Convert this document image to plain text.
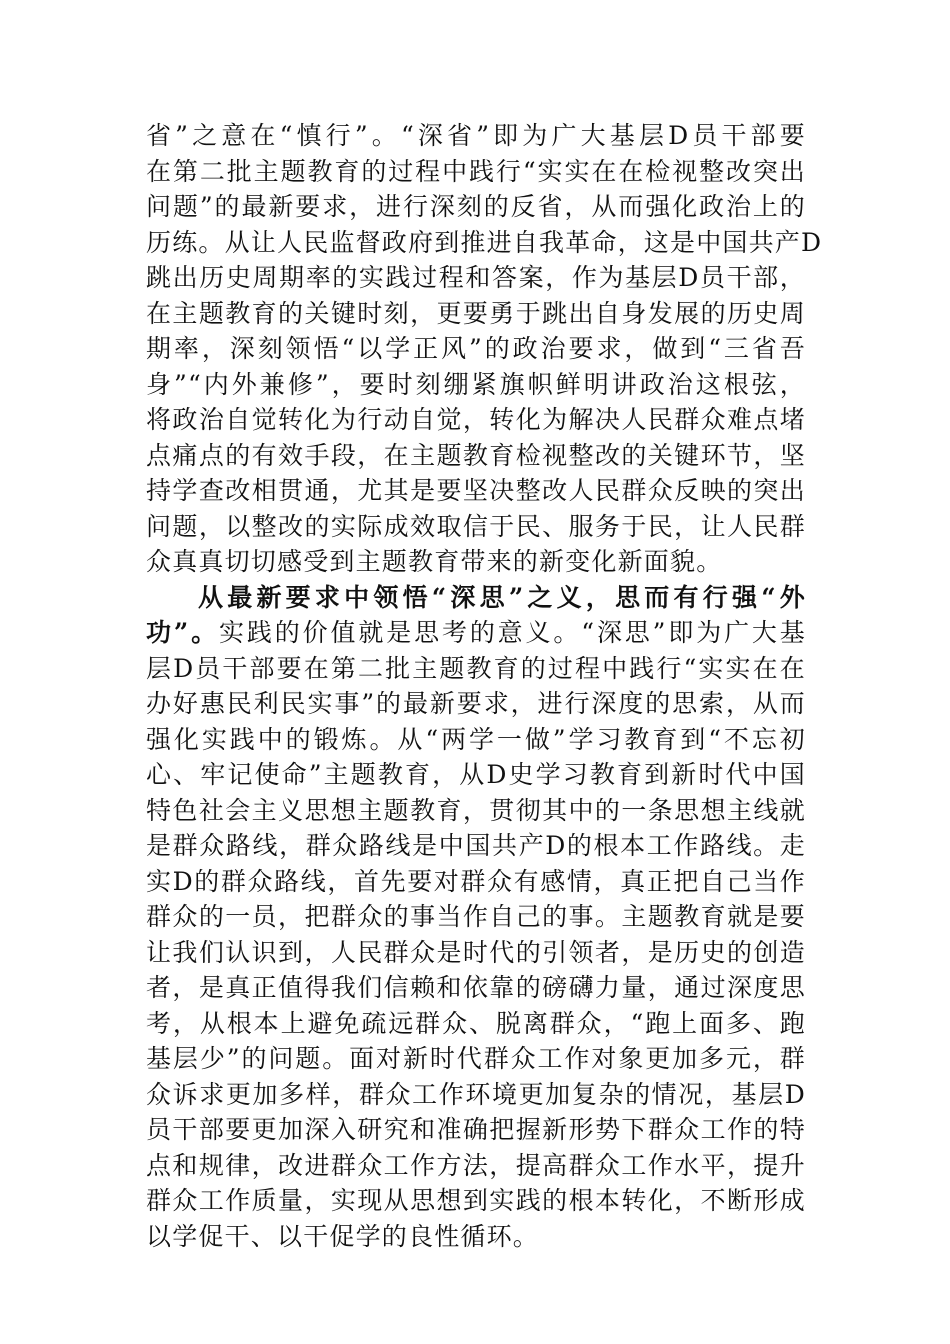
省”之意在“慎行”。“深省”即为广大基层D员干部要
在第二批主题教育的过程中践行“实实在在检视整改突出
问题”的最新要求，进行深刻的反省，从而强化政治上的
历练。从让人民监督政府到推进自我革命，这是中国共产D
跳出历史周期率的实践过程和答案，作为基层D员干部，
在主题教育的关键时刻，更要勇于跳出自身发展的历史周
期率，深刻领悟“以学正风”的政治要求，做到“三省吾
身”“内外兼修”，要时刻绷紧旗帜鲜明讲政治这根弦，
将政治自觉转化为行动自觉，转化为解决人民群众难点堵
点痛点的有效手段，在主题教育检视整改的关键环节，坚
持学查改相贯通，尤其是要坚决整改人民群众反映的突出
问题，以整改的实际成效取信于民、服务于民，让人民群
众真真切切感受到主题教育带来的新变化新面貌。
从最新要求中领悟“深思”之义，思而有行强“外
功”。实践的价值就是思考的意义。“深思”即为广大基
层D员干部要在第二批主题教育的过程中践行“实实在在
办好惠民利民实事”的最新要求，进行深度的思索，从而
强化实践中的锻炼。从“两学一做”学习教育到“不忘初
心、牢记使命”主题教育，从D史学习教育到新时代中国
特色社会主义思想主题教育，贯彻其中的一条思想主线就
是群众路线，群众路线是中国共产D的根本工作路线。走
实D的群众路线，首先要对群众有感情，真正把自己当作
群众的一员，把群众的事当作自己的事。主题教育就是要
让我们认识到，人民群众是时代的引领者，是历史的创造
者，是真正值得我们信赖和依靠的磅礴力量，通过深度思
考，从根本上避免疏远群众、脱离群众，“跑上面多、跑
基层少”的问题。面对新时代群众工作对象更加多元，群
众诉求更加多样，群众工作环境更加复杂的情况，基层D
员干部要更加深入研究和准确把握新形势下群众工作的特
点和规律，改进群众工作方法，提高群众工作水平，提升
群众工作质量，实现从思想到实践的根本转化，不断形成
以学促干、以干促学的良性循环。
